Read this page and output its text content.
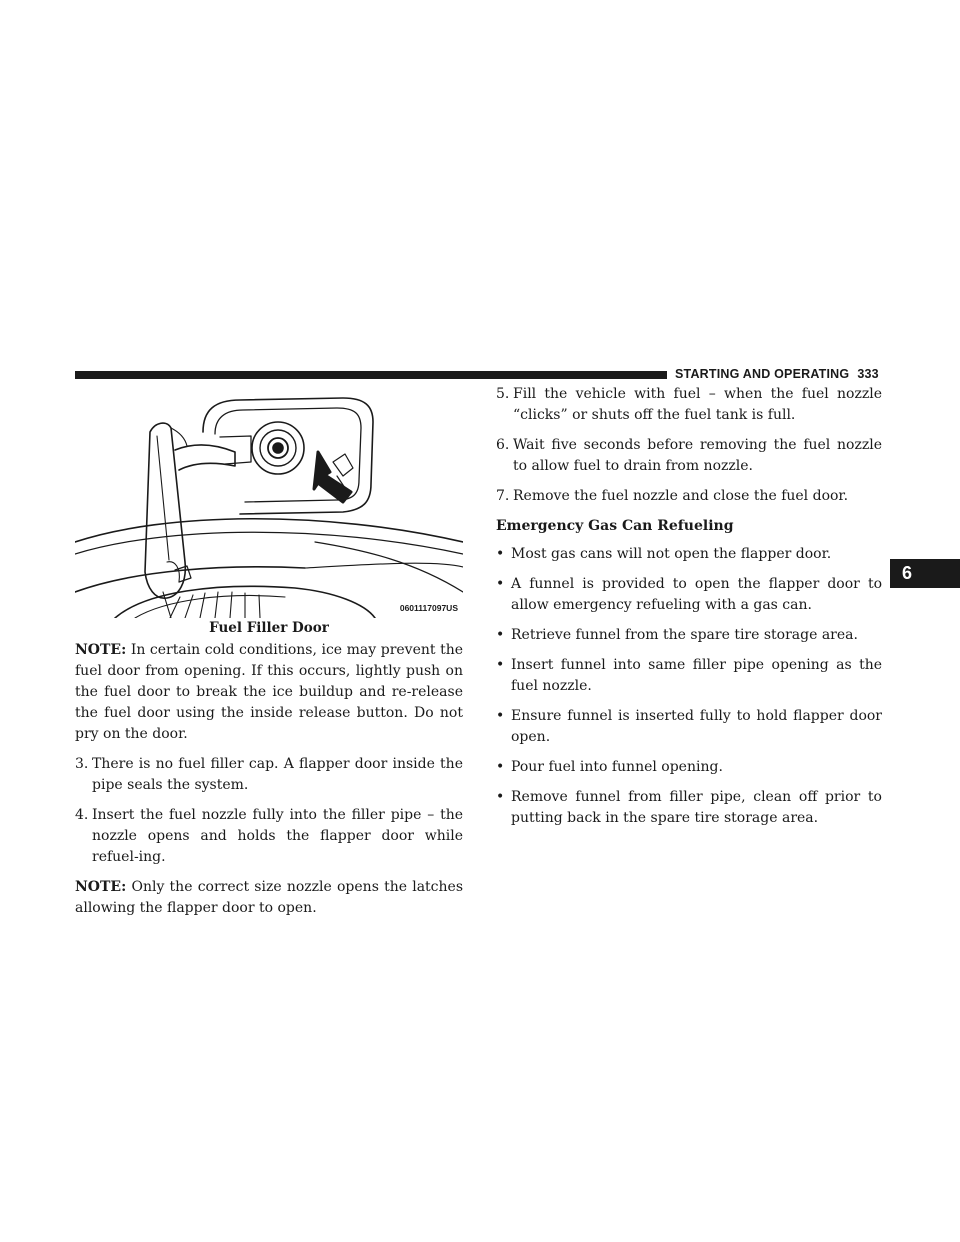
STARTING AND OPERATING 333
6
0601117097US
Fuel Filler Door

NOTE: In certain cold conditions, ice may prevent the fuel door from opening. If this occurs, lightly push on the fuel door to break the ice buildup and re-release the fuel door using the inside release button. Do not pry on the door.

3. There is no fuel filler cap. A flapper door inside the pipe seals the system.
4. Insert the fuel nozzle fully into the filler pipe – the nozzle opens and holds the flapper door while refuel-ing.

NOTE: Only the correct size nozzle opens the latches allowing the flapper door to open.

5. Fill the vehicle with fuel – when the fuel nozzle “clicks” or shuts off the fuel tank is full.
6. Wait five seconds before removing the fuel nozzle to allow fuel to drain from nozzle.
7. Remove the fuel nozzle and close the fuel door.
Emergency Gas Can Refueling
• Most gas cans will not open the flapper door.
• A funnel is provided to open the flapper door to allow emergency refueling with a gas can.
• Retrieve funnel from the spare tire storage area.
• Insert funnel into same filler pipe opening as the fuel nozzle.
• Ensure funnel is inserted fully to hold flapper door open.
• Pour fuel into funnel opening.
• Remove funnel from filler pipe, clean off prior to putting back in the spare tire storage area.
